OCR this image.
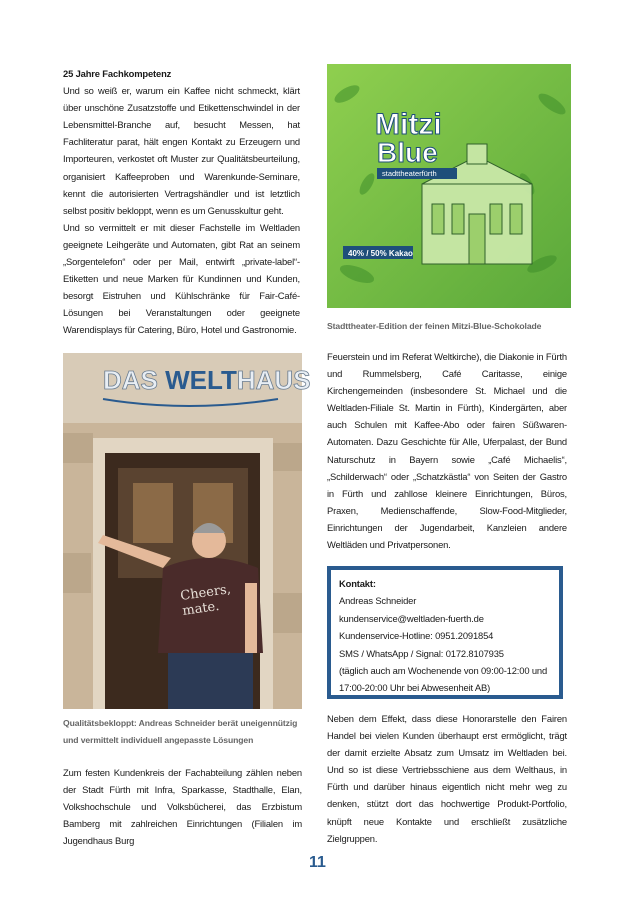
25 Jahre Fachkompetenz

Und so weiß er, warum ein Kaffee nicht schmeckt, klärt über unschöne Zusatzstoffe und Etikettenschwindel in der Lebensmittel-Branche auf, besucht Messen, hat Fachliteratur parat, hält engen Kontakt zu Erzeugern und Importeuren, verkostet oft Muster zur Qualitätsbeurteilung, organisiert Kaffeeproben und Warenkunde-Seminare, kennt die autorisierten Vertragshändler und ist letztlich selbst positiv bekloppt, wenn es um Genusskultur geht.

Und so vermittelt er mit dieser Fachstelle im Weltladen geeignete Leihgeräte und Automaten, gibt Rat an seinem „Sorgentelefon“ oder per Mail, entwirft „private-label“-Etiketten und neue Marken für Kundinnen und Kunden, besorgt Eistruhen und Kühlschränke für Fair-Café-Lösungen bei Veranstaltungen oder geeignete Warendisplays für Catering, Büro, Hotel und Gastronomie.

Mitzi
Blue
stadttheaterfürth
40% / 50% Kakao
Stadttheater-Edition der feinen Mitzi-Blue-Schokolade
DAS WELTHAUS
Cheers,
mate.
Qualitätsbekloppt: Andreas Schneider berät uneigennützig und vermittelt individuell angepasste Lösungen

Zum festen Kundenkreis der Fachabteilung zählen neben der Stadt Fürth mit Infra, Sparkasse, Stadthalle, Elan, Volkshochschule und Volksbücherei, das Erzbistum Bamberg mit zahlreichen Einrichtungen (Filialen im Jugendhaus Burg

Feuerstein und im Referat Weltkirche), die Diakonie in Fürth und Rummelsberg, Café Caritasse, einige Kirchengemeinden (insbesondere St. Michael und die Weltladen-Filiale St. Martin in Fürth), Kindergärten, aber auch Schulen mit Kaffee-Abo oder fairen Süßwaren-Automaten. Dazu Geschichte für Alle, Uferpalast, der Bund Naturschutz in Bayern sowie „Café Michaelis“, „Schilderwach“ oder „Schatzkästla“ von Seiten der Gastro in Fürth und zahllose kleinere Einrichtungen, Büros, Praxen, Medienschaffende, Slow-Food-Mitglieder, Einrichtungen der Jugendarbeit, Kanzleien andere Weltläden und Privatpersonen.

Kontakt:
Andreas Schneider
kundenservice@weltladen-fuerth.de
Kundenservice-Hotline: 0951.2091854
SMS / WhatsApp / Signal: 0172.8107935
(täglich auch am Wochenende von 09:00-12:00 und
17:00-20:00 Uhr bei Abwesenheit AB)

Neben dem Effekt, dass diese Honorarstelle den Fairen Handel bei vielen Kunden überhaupt erst ermöglicht, trägt der damit erzielte Absatz zum Umsatz im Weltladen bei. Und so ist diese Vertriebsschiene aus dem Welthaus, in Fürth und darüber hinaus eigentlich nicht mehr weg zu denken, stützt dort das hochwertige Produkt-Portfolio, knüpft neue Kontakte und erschließt zusätzliche Zielgruppen.

11
